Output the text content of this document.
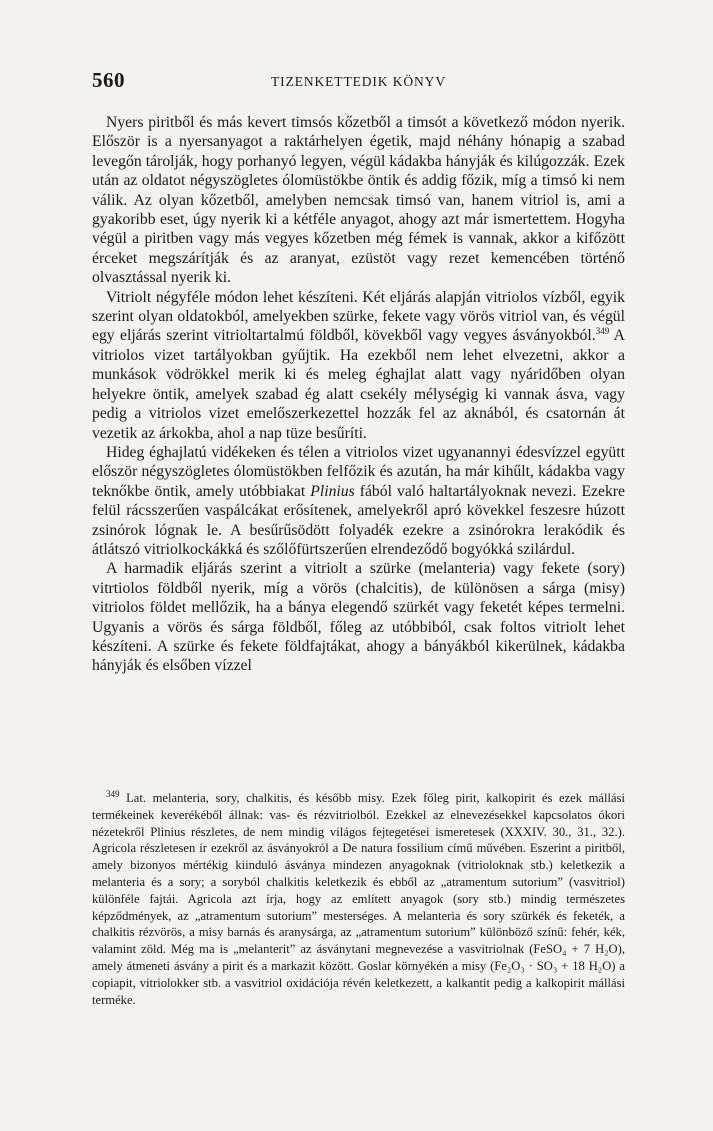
560	TIZENKETTEDIK KÖNYV

Nyers piritből és más kevert timsós kőzetből a timsót a következő módon nyerik. Először is a nyersanyagot a raktárhelyen égetik, majd néhány hónapig a szabad levegőn tárolják, hogy porhanyó legyen, végül kádakba hányják és kilúgozzák. Ezek után az oldatot négyszögletes ólomüstökbe öntik és addig főzik, míg a timsó ki nem válik. Az olyan kőzetből, amelyben nemcsak timsó van, hanem vitriol is, ami a gyakoribb eset, úgy nyerik ki a kétféle anyagot, ahogy azt már ismertettem. Hogyha végül a piritben vagy más vegyes kőzetben még fémek is vannak, akkor a kifőzött érceket megszárítják és az aranyat, ezüstöt vagy rezet kemencében történő olvasztással nyerik ki.

Vitriolt négyféle módon lehet készíteni. Két eljárás alapján vitriolos vízből, egyik szerint olyan oldatokból, amelyekben szürke, fekete vagy vörös vitriol van, és végül egy eljárás szerint vitrioltartalmú földből, kövekből vagy vegyes ásványokból.$^{349}$ A vitriolos vizet tartályokban gyűjtik. Ha ezekből nem lehet elvezetni, akkor a munkások vödrökkel merik ki és meleg éghajlat alatt vagy nyáridőben olyan helyekre öntik, amelyek szabad ég alatt csekély mélységig ki vannak ásva, vagy pedig a vitriolos vizet emelőszerkezettel hozzák fel az aknából, és csatornán át vezetik az árkokba, ahol a nap tüze besűríti.

Hideg éghajlatú vidékeken és télen a vitriolos vizet ugyanannyi édesvízzel együtt először négyszögletes ólomüstökben felfőzik és azután, ha már kihűlt, kádakba vagy teknőkbe öntik, amely utóbbiakat Plinius fából való haltartályoknak nevezi. Ezekre felül rácsszerűen vaspálcákat erősítenek, amelyekről apró kövekkel feszesre húzott zsinórok lógnak le. A besűrűsödött folyadék ezekre a zsinórokra lerakódik és átlátszó vitriolkockákká és szőlőfürtszerűen elrendeződő bogyókká szilárdul.

A harmadik eljárás szerint a vitriolt a szürke (melanteria) vagy fekete (sory) vitrtiolos földből nyerik, míg a vörös (chalcitis), de különösen a sárga (misy) vitriolos földet mellőzik, ha a bánya elegendő szürkét vagy feketét képes termelni. Ugyanis a vörös és sárga földből, főleg az utóbbiból, csak foltos vitriolt lehet készíteni. A szürke és fekete földfajtákat, ahogy a bányákból kikerülnek, kádakba hányják és elsőben vízzel

$^{349}$ Lat. melanteria, sory, chalkitis, és később misy. Ezek főleg pirit, kalkopirit és ezek mállási termékeinek keverékéből állnak: vas- és rézvitriolból. Ezekkel az elnevezésekkel kapcsolatos ókori nézetekről Plinius részletes, de nem mindig világos fejtegetései ismeretesek (XXXIV. 30., 31., 32.). Agricola részletesen ír ezekről az ásványokról a De natura fossilium című művében. Eszerint a piritből, amely bizonyos mértékig kiinduló ásványa mindezen anyagoknak (vitrioloknak stb.) keletkezik a melanteria és a sory; a soryból chalkitis keletkezik és ebből az „atramentum sutorium” (vasvitriol) különféle fajtái. Agricola azt írja, hogy az említett anyagok (sory stb.) mindig természetes képződmények, az „atramentum sutorium” mesterséges. A melanteria és sory szürkék és feketék, a chalkitis rézvörös, a misy barnás és aranysárga, az „atramentum sutorium” különböző színű: fehér, kék, valamint zöld. Még ma is „melanterit” az ásványtani megnevezése a vasvitriolnak (FeSO₄ + 7 H₂O), amely átmeneti ásvány a pirit és a markazit között. Goslar környékén a misy (Fe₂O₃ · SO₃ + 18 H₂O) a copiapit, vitriolokker stb. a vasvitriol oxidációja révén keletkezett, a kalkantit pedig a kalkopirit mállási terméke.
